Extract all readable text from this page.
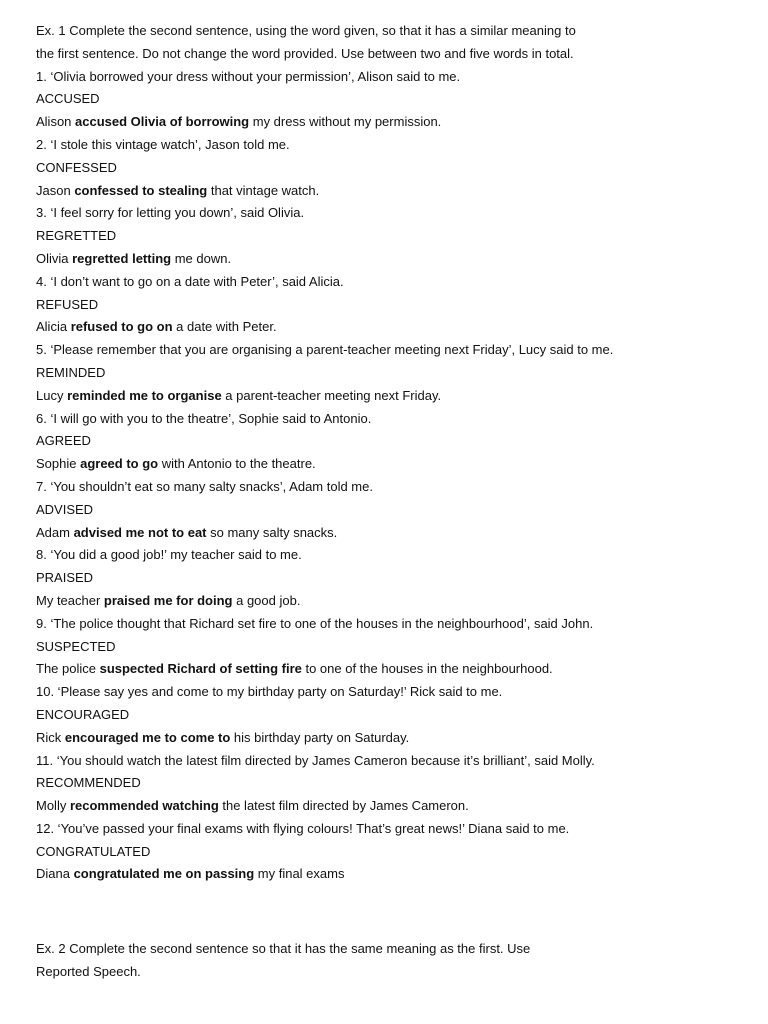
Ex. 1 Complete the second sentence, using the word given, so that it has a similar meaning to
the first sentence. Do not change the word provided. Use between two and five words in total.
1. ‘Olivia borrowed your dress without your permission’, Alison said to me.
ACCUSED
Alison accused Olivia of borrowing my dress without my permission.
2. ‘I stole this vintage watch’, Jason told me.
CONFESSED
Jason confessed to stealing that vintage watch.
3. ‘I feel sorry for letting you down’, said Olivia.
REGRETTED
Olivia regretted letting me down.
4. ‘I don’t want to go on a date with Peter’, said Alicia.
REFUSED
Alicia refused to go on a date with Peter.
5. ‘Please remember that you are organising a parent-teacher meeting next Friday’, Lucy said to me.
REMINDED
Lucy reminded me to organise a parent-teacher meeting next Friday.
6. ‘I will go with you to the theatre’, Sophie said to Antonio.
AGREED
Sophie agreed to go with Antonio to the theatre.
7. ‘You shouldn’t eat so many salty snacks’, Adam told me.
ADVISED
Adam advised me not to eat so many salty snacks.
8. ‘You did a good job!’ my teacher said to me.
PRAISED
My teacher praised me for doing a good job.
9. ‘The police thought that Richard set fire to one of the houses in the neighbourhood’, said John.
SUSPECTED
The police suspected Richard of setting fire to one of the houses in the neighbourhood.
10. ‘Please say yes and come to my birthday party on Saturday!’ Rick said to me.
ENCOURAGED
Rick encouraged me to come to his birthday party on Saturday.
11. ‘You should watch the latest film directed by James Cameron because it’s brilliant’, said Molly.
RECOMMENDED
Molly recommended watching the latest film directed by James Cameron.
12. ‘You’ve passed your final exams with flying colours! That’s great news!’ Diana said to me.
CONGRATULATED
Diana congratulated me on passing my final exams
Ex. 2 Complete the second sentence so that it has the same meaning as the first. Use
Reported Speech.
